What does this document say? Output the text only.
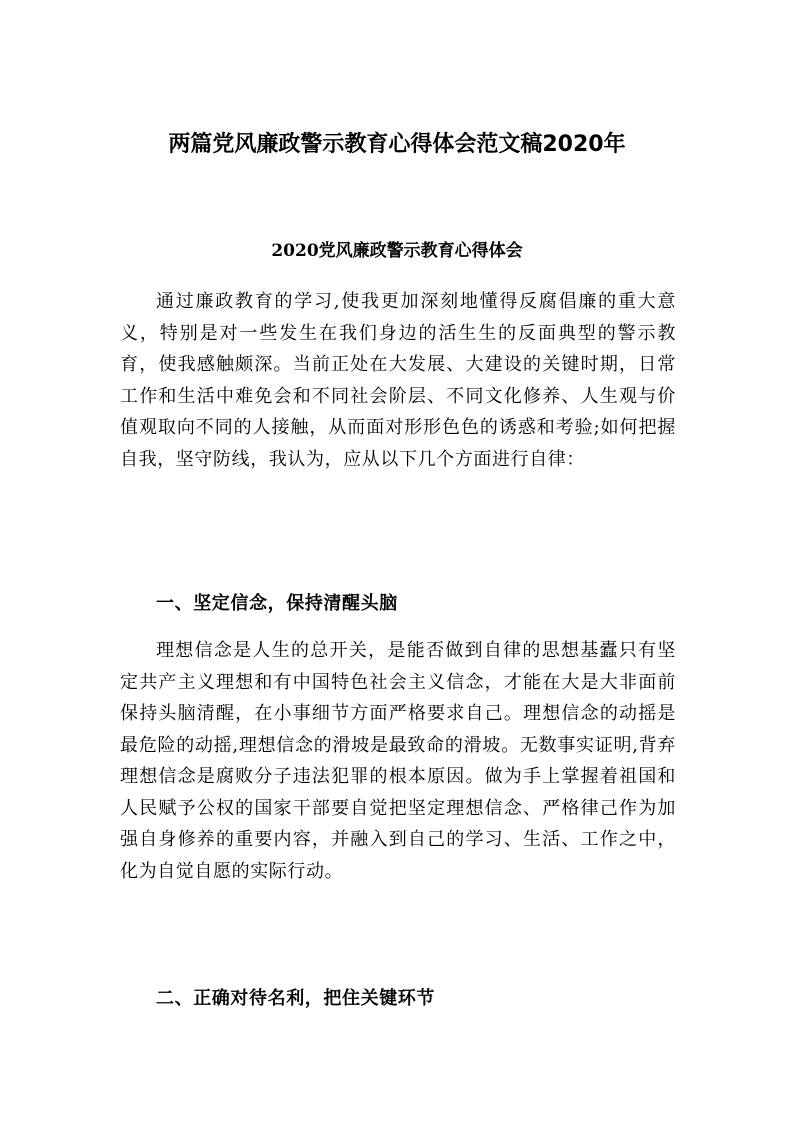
两篇党风廉政警示教育心得体会范文稿2020年
2020党风廉政警示教育心得体会

通过廉政教育的学习,使我更加深刻地懂得反腐倡廉的重大意义，特别是对一些发生在我们身边的活生生的反面典型的警示教育，使我感触颇深。当前正处在大发展、大建设的关键时期，日常工作和生活中难免会和不同社会阶层、不同文化修养、人生观与价值观取向不同的人接触，从而面对形形色色的诱惑和考验;如何把握自我，坚守防线，我认为，应从以下几个方面进行自律：

一、坚定信念，保持清醒头脑

理想信念是人生的总开关，是能否做到自律的思想基蠹只有坚定共产主义理想和有中国特色社会主义信念，才能在大是大非面前保持头脑清醒，在小事细节方面严格要求自己。理想信念的动摇是最危险的动摇,理想信念的滑坡是最致命的滑坡。无数事实证明,背弃理想信念是腐败分子违法犯罪的根本原因。做为手上掌握着祖国和人民赋予公权的国家干部要自觉把坚定理想信念、严格律己作为加强自身修养的重要内容，并融入到自己的学习、生活、工作之中，化为自觉自愿的实际行动。

二、正确对待名利，把住关键环节
